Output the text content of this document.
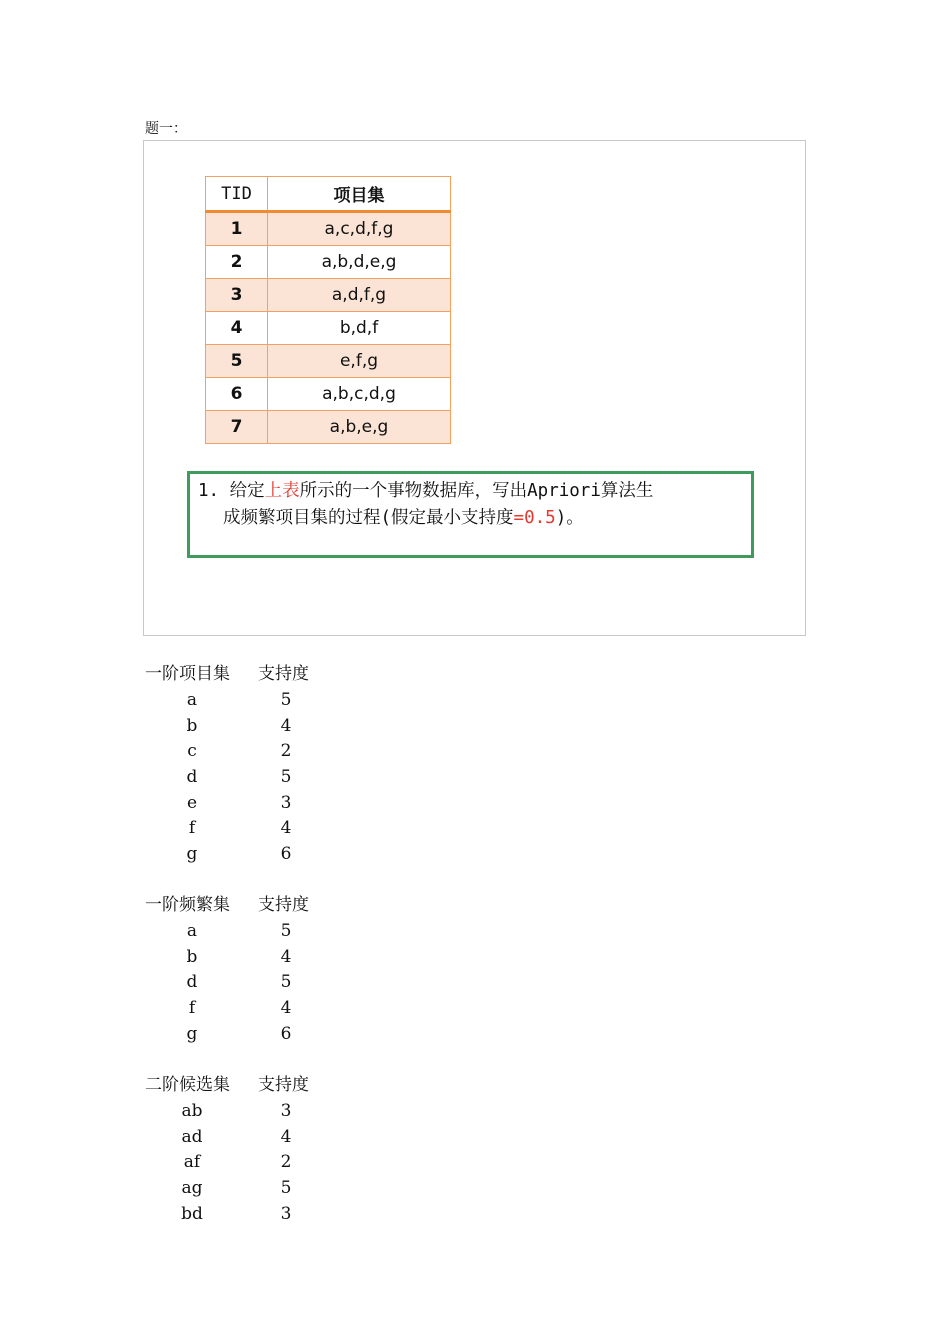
题一：
TID	项目集
1	a,c,d,f,g
2	a,b,d,e,g
3	a,d,f,g
4	b,d,f
5	e,f,g
6	a,b,c,d,g
7	a,b,e,g
1. 给定上表所示的一个事物数据库，写出Apriori算法生
成频繁项目集的过程(假定最小支持度=0.5)。
一阶项目集 支持度
a	5
b	4
c	2
d	5
e	3
f	4
g	6
一阶频繁集 支持度
a	5
b	4
d	5
f	4
g	6
二阶候选集 支持度
ab	3
ad	4
af	2
ag	5
bd	3
